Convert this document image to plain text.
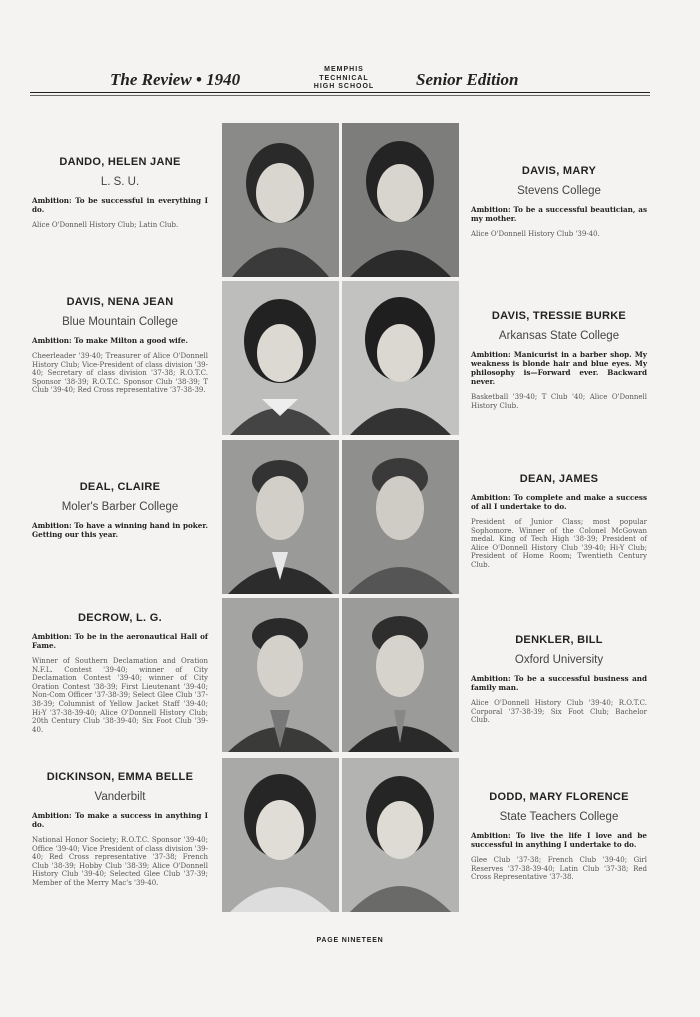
The Review • 1940
MEMPHIS
TECHNICAL
HIGH SCHOOL	Senior Edition
DANDO, HELEN JANE
L. S. U.
Ambition: To be successful in everything I do.
Alice O'Donnell History Club; Latin Club.
DAVIS, NENA JEAN
Blue Mountain College
Ambition: To make Milton a good wife.
Cheerleader '39-40; Treasurer of Alice O'Donnell History Club; Vice-President of class division '39-40; Secretary of class division '37-38; R.O.T.C. Sponsor '38-39; R.O.T.C. Sponsor Club '38-39; T Club '39-40; Red Cross representative '37-38-39.
DEAL, CLAIRE
Moler's Barber College
Ambition: To have a winning hand in poker. Getting our this year.
DECROW, L. G.
Ambition: To be in the aeronautical Hall of Fame.
Winner of Southern Declamation and Oration N.F.L. Contest '39-40; winner of City Declamation Contest '39-40; winner of City Oration Contest '38-39; First Lieutenant '39-40; Non-Com Officer '37-38-39; Select Glee Club '37-38-39; Columnist of Yellow Jacket Staff '39-40; Hi-Y '37-38-39-40; Alice O'Donnell History Club; 20th Century Club '38-39-40; Six Foot Club '39-40.
DICKINSON, EMMA BELLE
Vanderbilt
Ambition: To make a success in anything I do.
National Honor Society; R.O.T.C. Sponsor '39-40; Office '39-40; Vice President of class division '39-40; Red Cross representative '37-38; French Club '38-39; Hobby Club '38-39; Alice O'Donnell History Club '39-40; Selected Glee Club '37-39; Member of the Merry Mac's '39-40.
DAVIS, MARY
Stevens College
Ambition: To be a successful beautician, as my mother.
Alice O'Donnell History Club '39-40.
DAVIS, TRESSIE BURKE
Arkansas State College
Ambition: Manicurist in a barber shop. My weakness is blonde hair and blue eyes. My philosophy is—Forward ever. Backward never.
Basketball '39-40; T Club '40; Alice O'Donnell History Club.
DEAN, JAMES
Ambition: To complete and make a success of all I undertake to do.
President of Junior Class; most popular Sophomore. Winner of the Colonel McGowan medal. King of Tech High '38-39; President of Alice O'Donnell History Club '39-40; Hi-Y Club; President of Home Room; Twentieth Century Club.
DENKLER, BILL
Oxford University
Ambition: To be a successful business and family man.
Alice O'Donnell History Club '39-40; R.O.T.C. Corporal '37-38-39; Six Foot Club; Bachelor Club.
DODD, MARY FLORENCE
State Teachers College
Ambition: To live the life I love and be successful in anything I undertake to do.
Glee Club '37-38; French Club '39-40; Girl Reserves '37-38-39-40; Latin Club '37-38; Red Cross Representative '37-38.
PAGE NINETEEN
